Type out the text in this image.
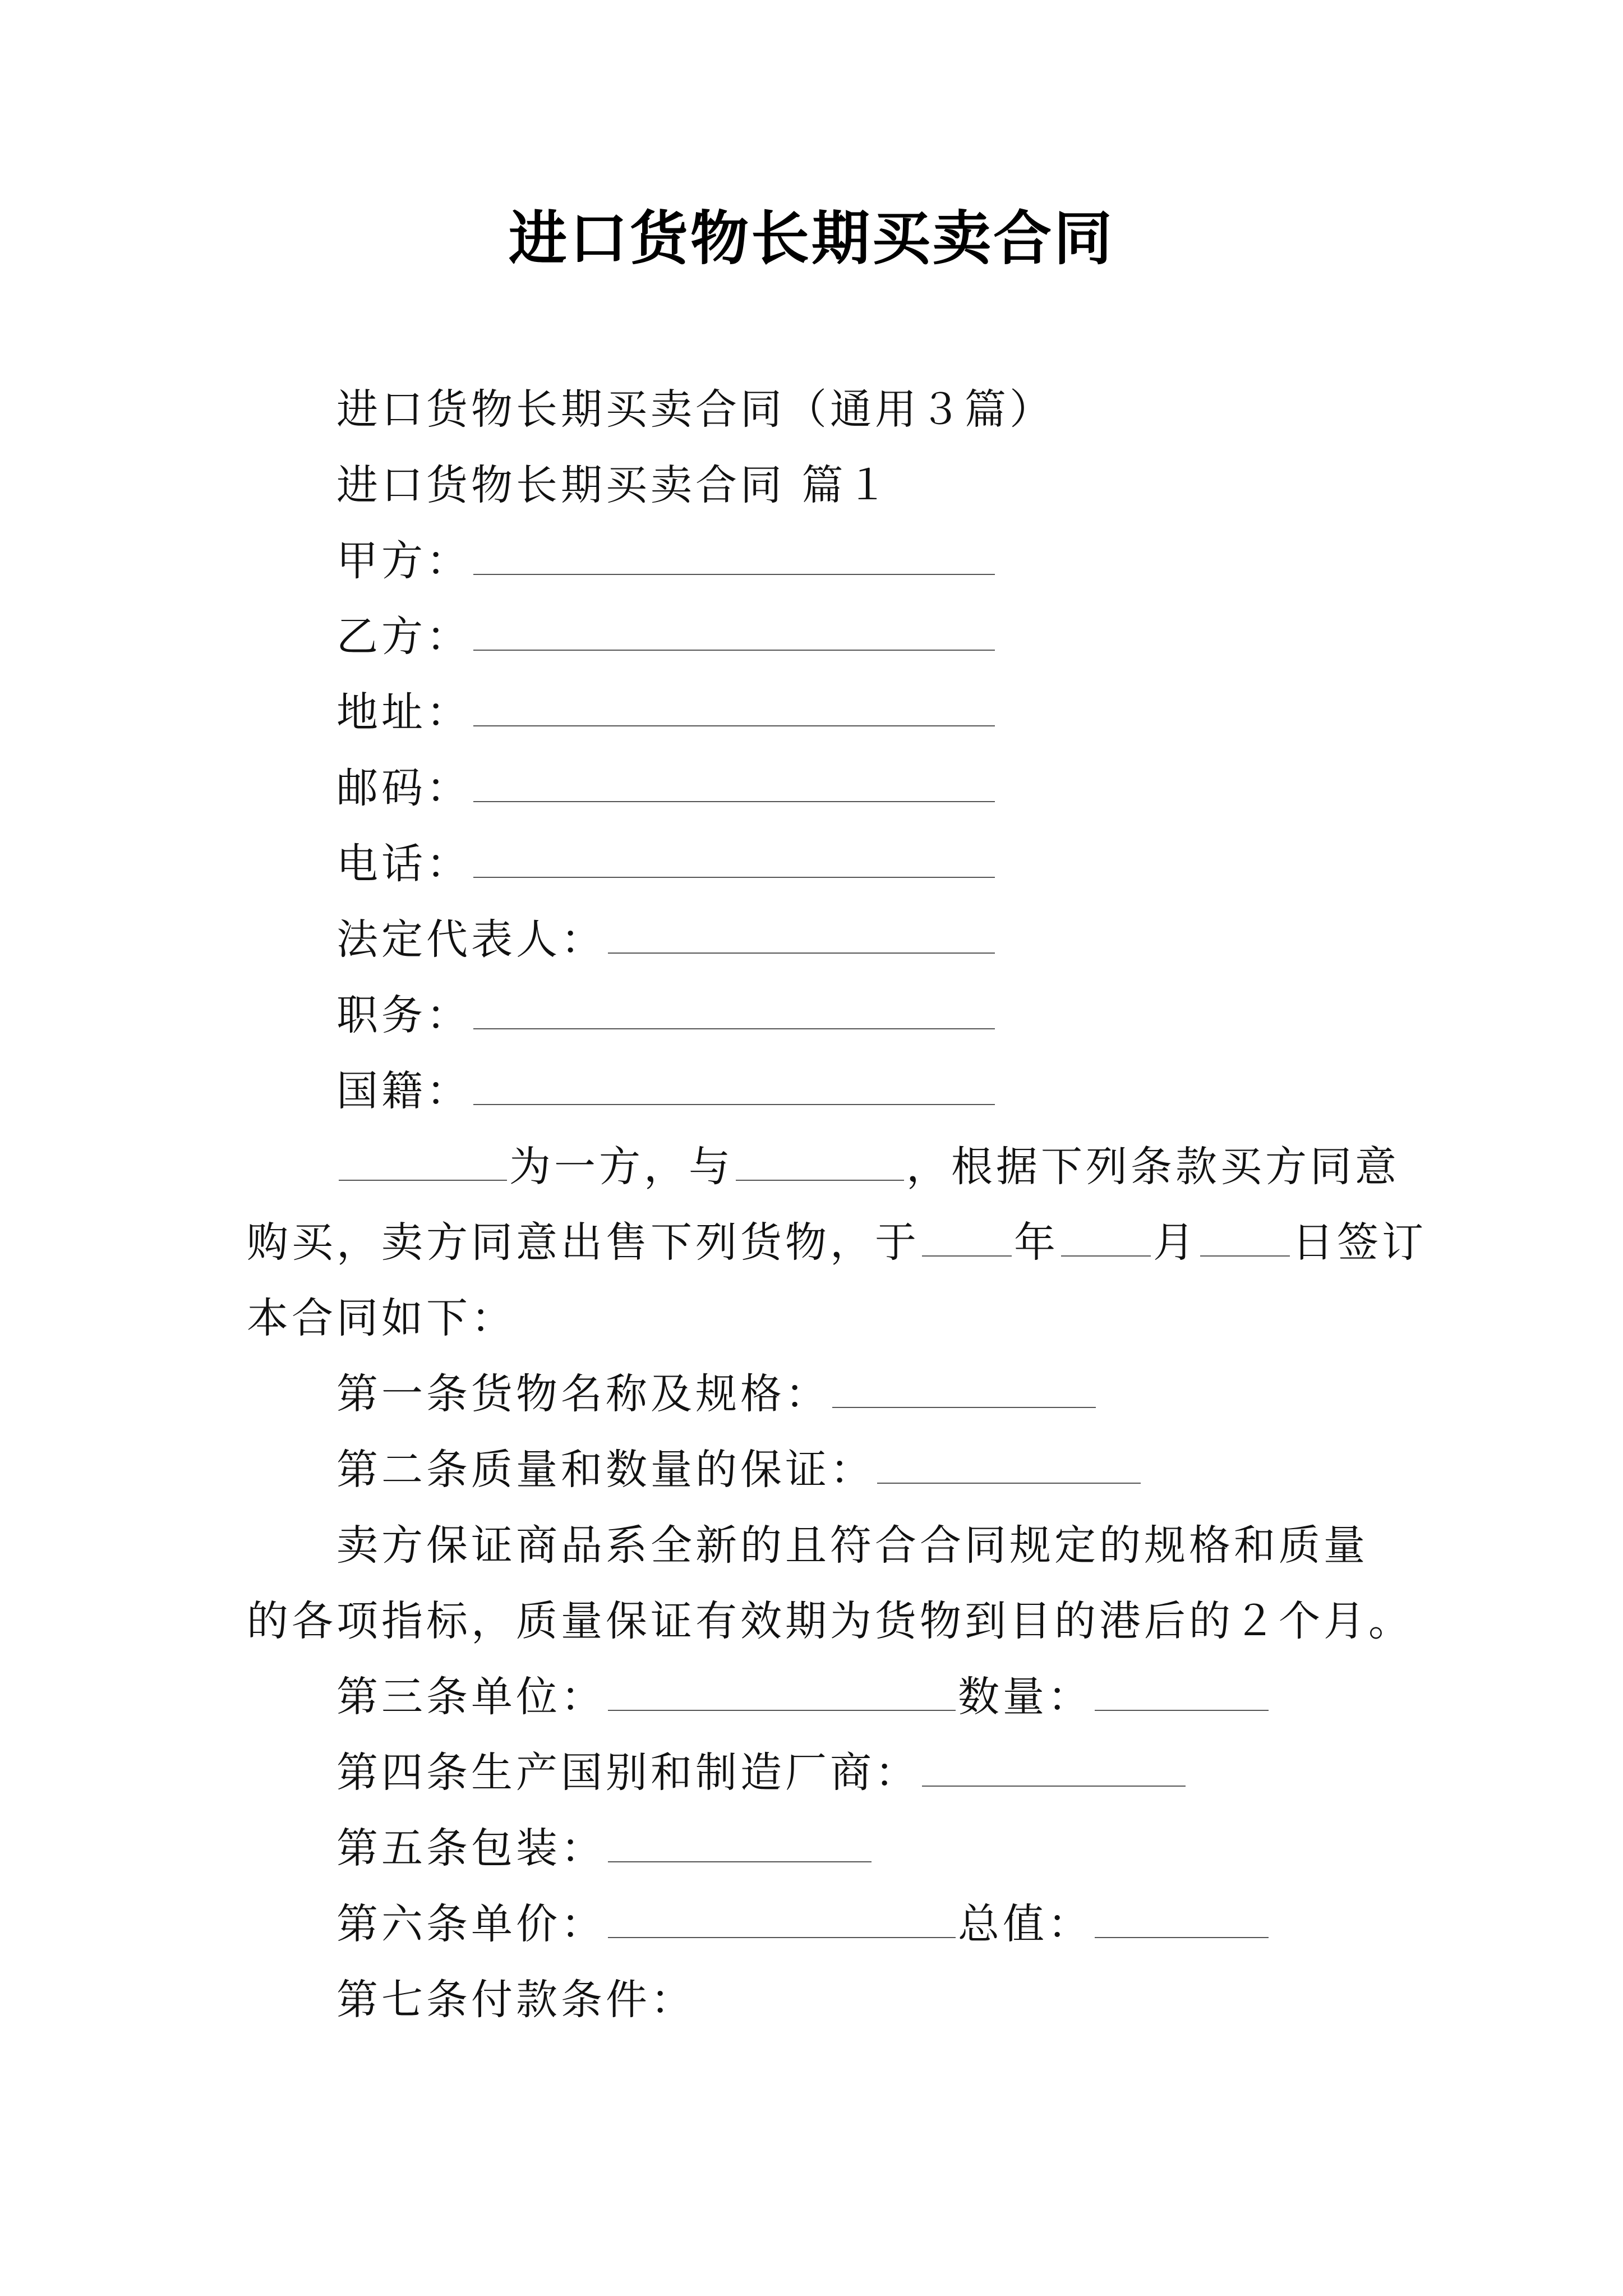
进口货物长期买卖合同
进口货物长期买卖合同（通用３篇）
进口货物长期买卖合同 篇１
甲方：
乙方：
地址：
邮码：
电话：
法定代表人：
职务：
国籍：
为一方，与	，根据下列条款买方同意
购买，卖方同意出售下列货物，于 年 月 日签订
本合同如下：
第一条货物名称及规格：
第二条质量和数量的保证：
卖方保证商品系全新的且符合合同规定的规格和质量
的各项指标，质量保证有效期为货物到目的港后的２个月。
第三条单位：	数量：
第四条生产国别和制造厂商：
第五条包装：
第六条单价：	总值：
第七条付款条件：
